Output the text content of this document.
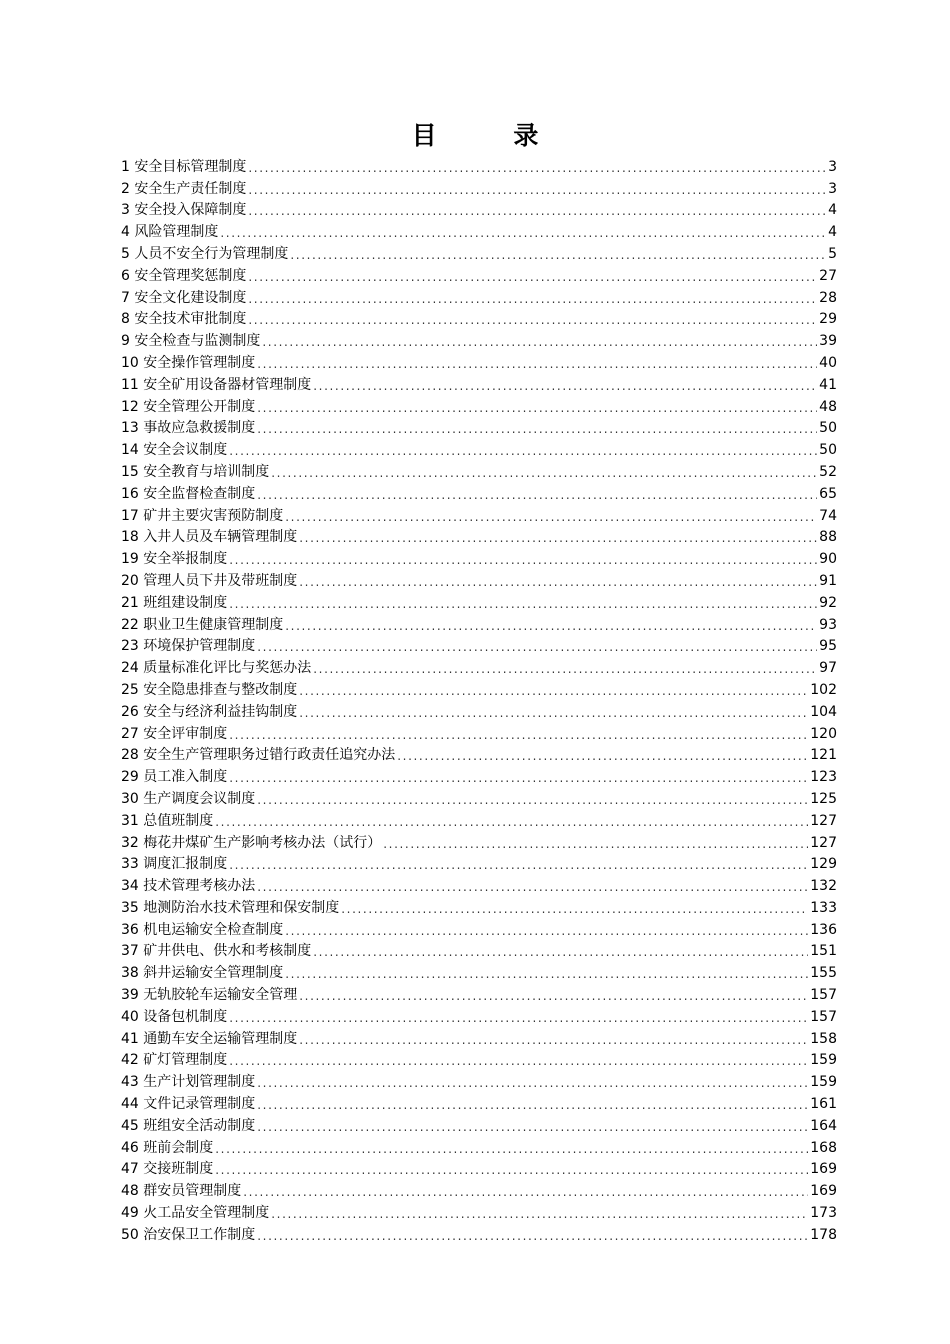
目 录
1 安全目标管理制度 .....	3
2 安全生产责任制度 .....	3
3 安全投入保障制度 .....	4
4 风险管理制度 .....	4
5 人员不安全行为管理制度 .....	5
6 安全管理奖惩制度 .....	27
7 安全文化建设制度 .....	28
8 安全技术审批制度 .....	29
9 安全检查与监测制度 .....	39
10 安全操作管理制度 .....	40
11 安全矿用设备器材管理制度 .....	41
12 安全管理公开制度 .....	48
13 事故应急救援制度 .....	50
14 安全会议制度 .....	50
15 安全教育与培训制度 .....	52
16 安全监督检查制度 .....	65
17 矿井主要灾害预防制度 .....	74
18 入井人员及车辆管理制度 .....	88
19 安全举报制度 .....	90
20 管理人员下井及带班制度 .....	91
21 班组建设制度 .....	92
22 职业卫生健康管理制度 .....	93
23 环境保护管理制度 .....	95
24 质量标准化评比与奖惩办法 .....	97
25 安全隐患排查与整改制度 .....	102
26 安全与经济利益挂钩制度 .....	104
27 安全评审制度 .....	120
28 安全生产管理职务过错行政责任追究办法 .....	121
29 员工准入制度 .....	123
30 生产调度会议制度 .....	125
31 总值班制度 .....	127
32 梅花井煤矿生产影响考核办法（试行） .....	127
33 调度汇报制度 .....	129
34 技术管理考核办法 .....	132
35 地测防治水技术管理和保安制度 .....	133
36 机电运输安全检查制度 .....	136
37 矿井供电、供水和考核制度 .....	151
38 斜井运输安全管理制度 .....	155
39 无轨胶轮车运输安全管理 .....	157
40 设备包机制度 .....	157
41 通勤车安全运输管理制度 .....	158
42 矿灯管理制度 .....	159
43 生产计划管理制度 .....	159
44 文件记录管理制度 .....	161
45 班组安全活动制度 .....	164
46 班前会制度 .....	168
47 交接班制度 .....	169
48 群安员管理制度 .....	169
49 火工品安全管理制度 .....	173
50 治安保卫工作制度 .....	178
